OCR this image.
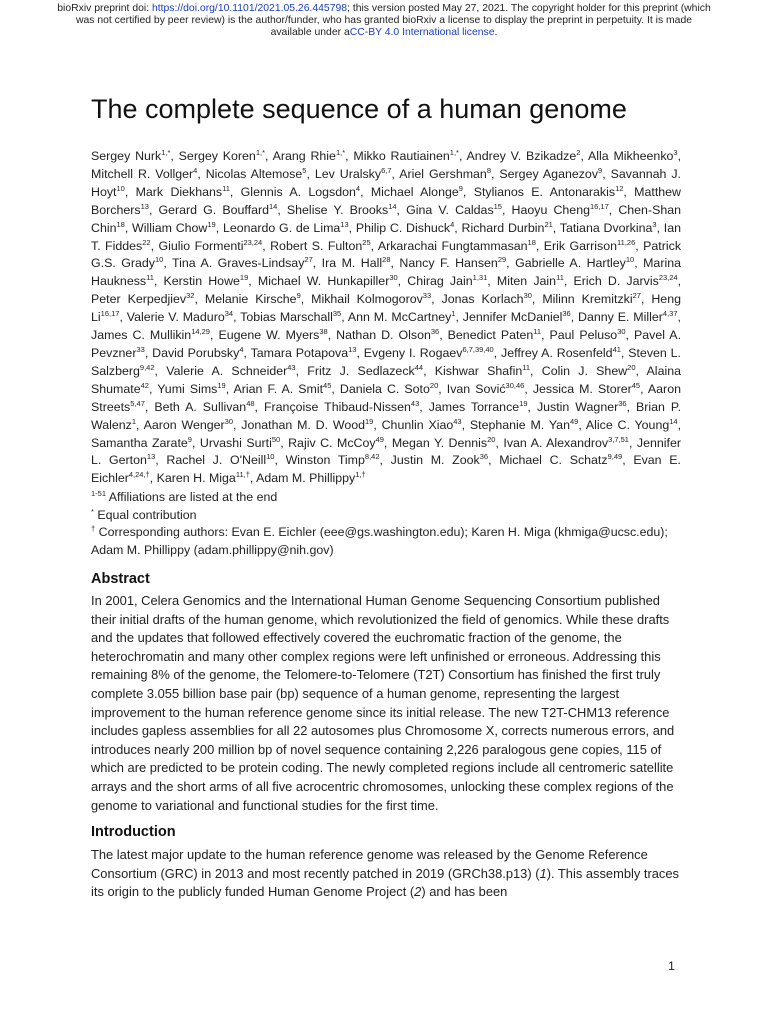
bioRxiv preprint doi: https://doi.org/10.1101/2021.05.26.445798; this version posted May 27, 2021. The copyright holder for this preprint (which
was not certified by peer review) is the author/funder, who has granted bioRxiv a license to display the preprint in perpetuity. It is made
available under aCC-BY 4.0 International license.
The complete sequence of a human genome
Sergey Nurk$^{1,*}$, Sergey Koren$^{1,*}$, Arang Rhie$^{1,*}$, Mikko Rautiainen$^{1,*}$, Andrey V. Bzikadze$^2$, Alla Mikheenko$^3$, Mitchell R. Vollger$^4$, Nicolas Altemose$^5$, Lev Uralsky$^{6,7}$, Ariel Gershman$^8$, Sergey Aganezov$^9$, Savannah J. Hoyt$^{10}$, Mark Diekhans$^{11}$, Glennis A. Logsdon$^4$, Michael Alonge$^9$, Stylianos E. Antonarakis$^{12}$, Matthew Borchers$^{13}$, Gerard G. Bouffard$^{14}$, Shelise Y. Brooks$^{14}$, Gina V. Caldas$^{15}$, Haoyu Cheng$^{16,17}$, Chen-Shan Chin$^{18}$, William Chow$^{19}$, Leonardo G. de Lima$^{13}$, Philip C. Dishuck$^4$, Richard Durbin$^{21}$, Tatiana Dvorkina$^3$, Ian T. Fiddes$^{22}$, Giulio Formenti$^{23,24}$, Robert S. Fulton$^{25}$, Arkarachai Fungtammasan$^{18}$, Erik Garrison$^{11,26}$, Patrick G.S. Grady$^{10}$, Tina A. Graves-Lindsay$^{27}$, Ira M. Hall$^{28}$, Nancy F. Hansen$^{29}$, Gabrielle A. Hartley$^{10}$, Marina Haukness$^{11}$, Kerstin Howe$^{19}$, Michael W. Hunkapiller$^{30}$, Chirag Jain$^{1,31}$, Miten Jain$^{11}$, Erich D. Jarvis$^{23,24}$, Peter Kerpedjiev$^{32}$, Melanie Kirsche$^9$, Mikhail Kolmogorov$^{33}$, Jonas Korlach$^{30}$, Milinn Kremitzki$^{27}$, Heng Li$^{16,17}$, Valerie V. Maduro$^{34}$, Tobias Marschall$^{35}$, Ann M. McCartney$^1$, Jennifer McDaniel$^{36}$, Danny E. Miller$^{4,37}$, James C. Mullikin$^{14,29}$, Eugene W. Myers$^{38}$, Nathan D. Olson$^{36}$, Benedict Paten$^{11}$, Paul Peluso$^{30}$, Pavel A. Pevzner$^{33}$, David Porubsky$^4$, Tamara Potapova$^{13}$, Evgeny I. Rogaev$^{6,7,39,40}$, Jeffrey A. Rosenfeld$^{41}$, Steven L. Salzberg$^{9,42}$, Valerie A. Schneider$^{43}$, Fritz J. Sedlazeck$^{44}$, Kishwar Shafin$^{11}$, Colin J. Shew$^{20}$, Alaina Shumate$^{42}$, Yumi Sims$^{19}$, Arian F. A. Smit$^{45}$, Daniela C. Soto$^{20}$, Ivan Sović$^{30,46}$, Jessica M. Storer$^{45}$, Aaron Streets$^{5,47}$, Beth A. Sullivan$^{48}$, Françoise Thibaud-Nissen$^{43}$, James Torrance$^{19}$, Justin Wagner$^{36}$, Brian P. Walenz$^1$, Aaron Wenger$^{30}$, Jonathan M. D. Wood$^{19}$, Chunlin Xiao$^{43}$, Stephanie M. Yan$^{49}$, Alice C. Young$^{14}$, Samantha Zarate$^9$, Urvashi Surti$^{50}$, Rajiv C. McCoy$^{49}$, Megan Y. Dennis$^{20}$, Ivan A. Alexandrov$^{3,7,51}$, Jennifer L. Gerton$^{13}$, Rachel J. O'Neill$^{10}$, Winston Timp$^{8,42}$, Justin M. Zook$^{36}$, Michael C. Schatz$^{9,49}$, Evan E. Eichler$^{4,24,\dagger}$, Karen H. Miga$^{11,\dagger}$, Adam M. Phillippy$^{1,\dagger}$
$^{1-51}$ Affiliations are listed at the end
* Equal contribution
† Corresponding authors: Evan E. Eichler (eee@gs.washington.edu); Karen H. Miga (khmiga@ucsc.edu);
Adam M. Phillippy (adam.phillippy@nih.gov)
Abstract
In 2001, Celera Genomics and the International Human Genome Sequencing Consortium published their initial drafts of the human genome, which revolutionized the field of genomics. While these drafts and the updates that followed effectively covered the euchromatic fraction of the genome, the heterochromatin and many other complex regions were left unfinished or erroneous. Addressing this remaining 8% of the genome, the Telomere-to-Telomere (T2T) Consortium has finished the first truly complete 3.055 billion base pair (bp) sequence of a human genome, representing the largest improvement to the human reference genome since its initial release. The new T2T-CHM13 reference includes gapless assemblies for all 22 autosomes plus Chromosome X, corrects numerous errors, and introduces nearly 200 million bp of novel sequence containing 2,226 paralogous gene copies, 115 of which are predicted to be protein coding. The newly completed regions include all centromeric satellite arrays and the short arms of all five acrocentric chromosomes, unlocking these complex regions of the genome to variational and functional studies for the first time.
Introduction
The latest major update to the human reference genome was released by the Genome Reference Consortium (GRC) in 2013 and most recently patched in 2019 (GRCh38.p13) (1). This assembly traces its origin to the publicly funded Human Genome Project (2) and has been
1
